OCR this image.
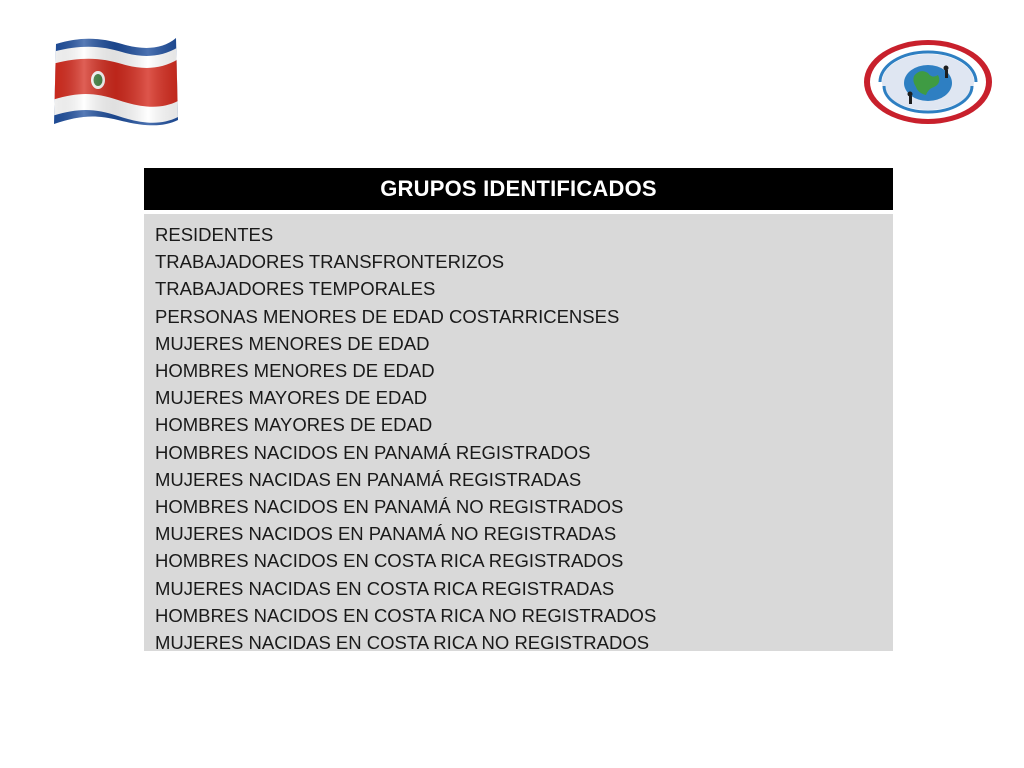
GRUPOS IDENTIFICADOS
RESIDENTES
TRABAJADORES TRANSFRONTERIZOS
TRABAJADORES TEMPORALES
PERSONAS MENORES DE EDAD COSTARRICENSES
MUJERES MENORES DE EDAD
HOMBRES MENORES DE EDAD
MUJERES MAYORES DE EDAD
HOMBRES MAYORES DE EDAD
HOMBRES NACIDOS EN PANAMÁ REGISTRADOS
MUJERES NACIDAS EN PANAMÁ REGISTRADAS
HOMBRES NACIDOS EN PANAMÁ NO REGISTRADOS
MUJERES NACIDOS EN PANAMÁ NO REGISTRADAS
HOMBRES NACIDOS EN COSTA RICA REGISTRADOS
MUJERES NACIDAS EN COSTA RICA REGISTRADAS
HOMBRES NACIDOS EN COSTA RICA NO REGISTRADOS
MUJERES NACIDAS EN COSTA RICA NO REGISTRADOS
